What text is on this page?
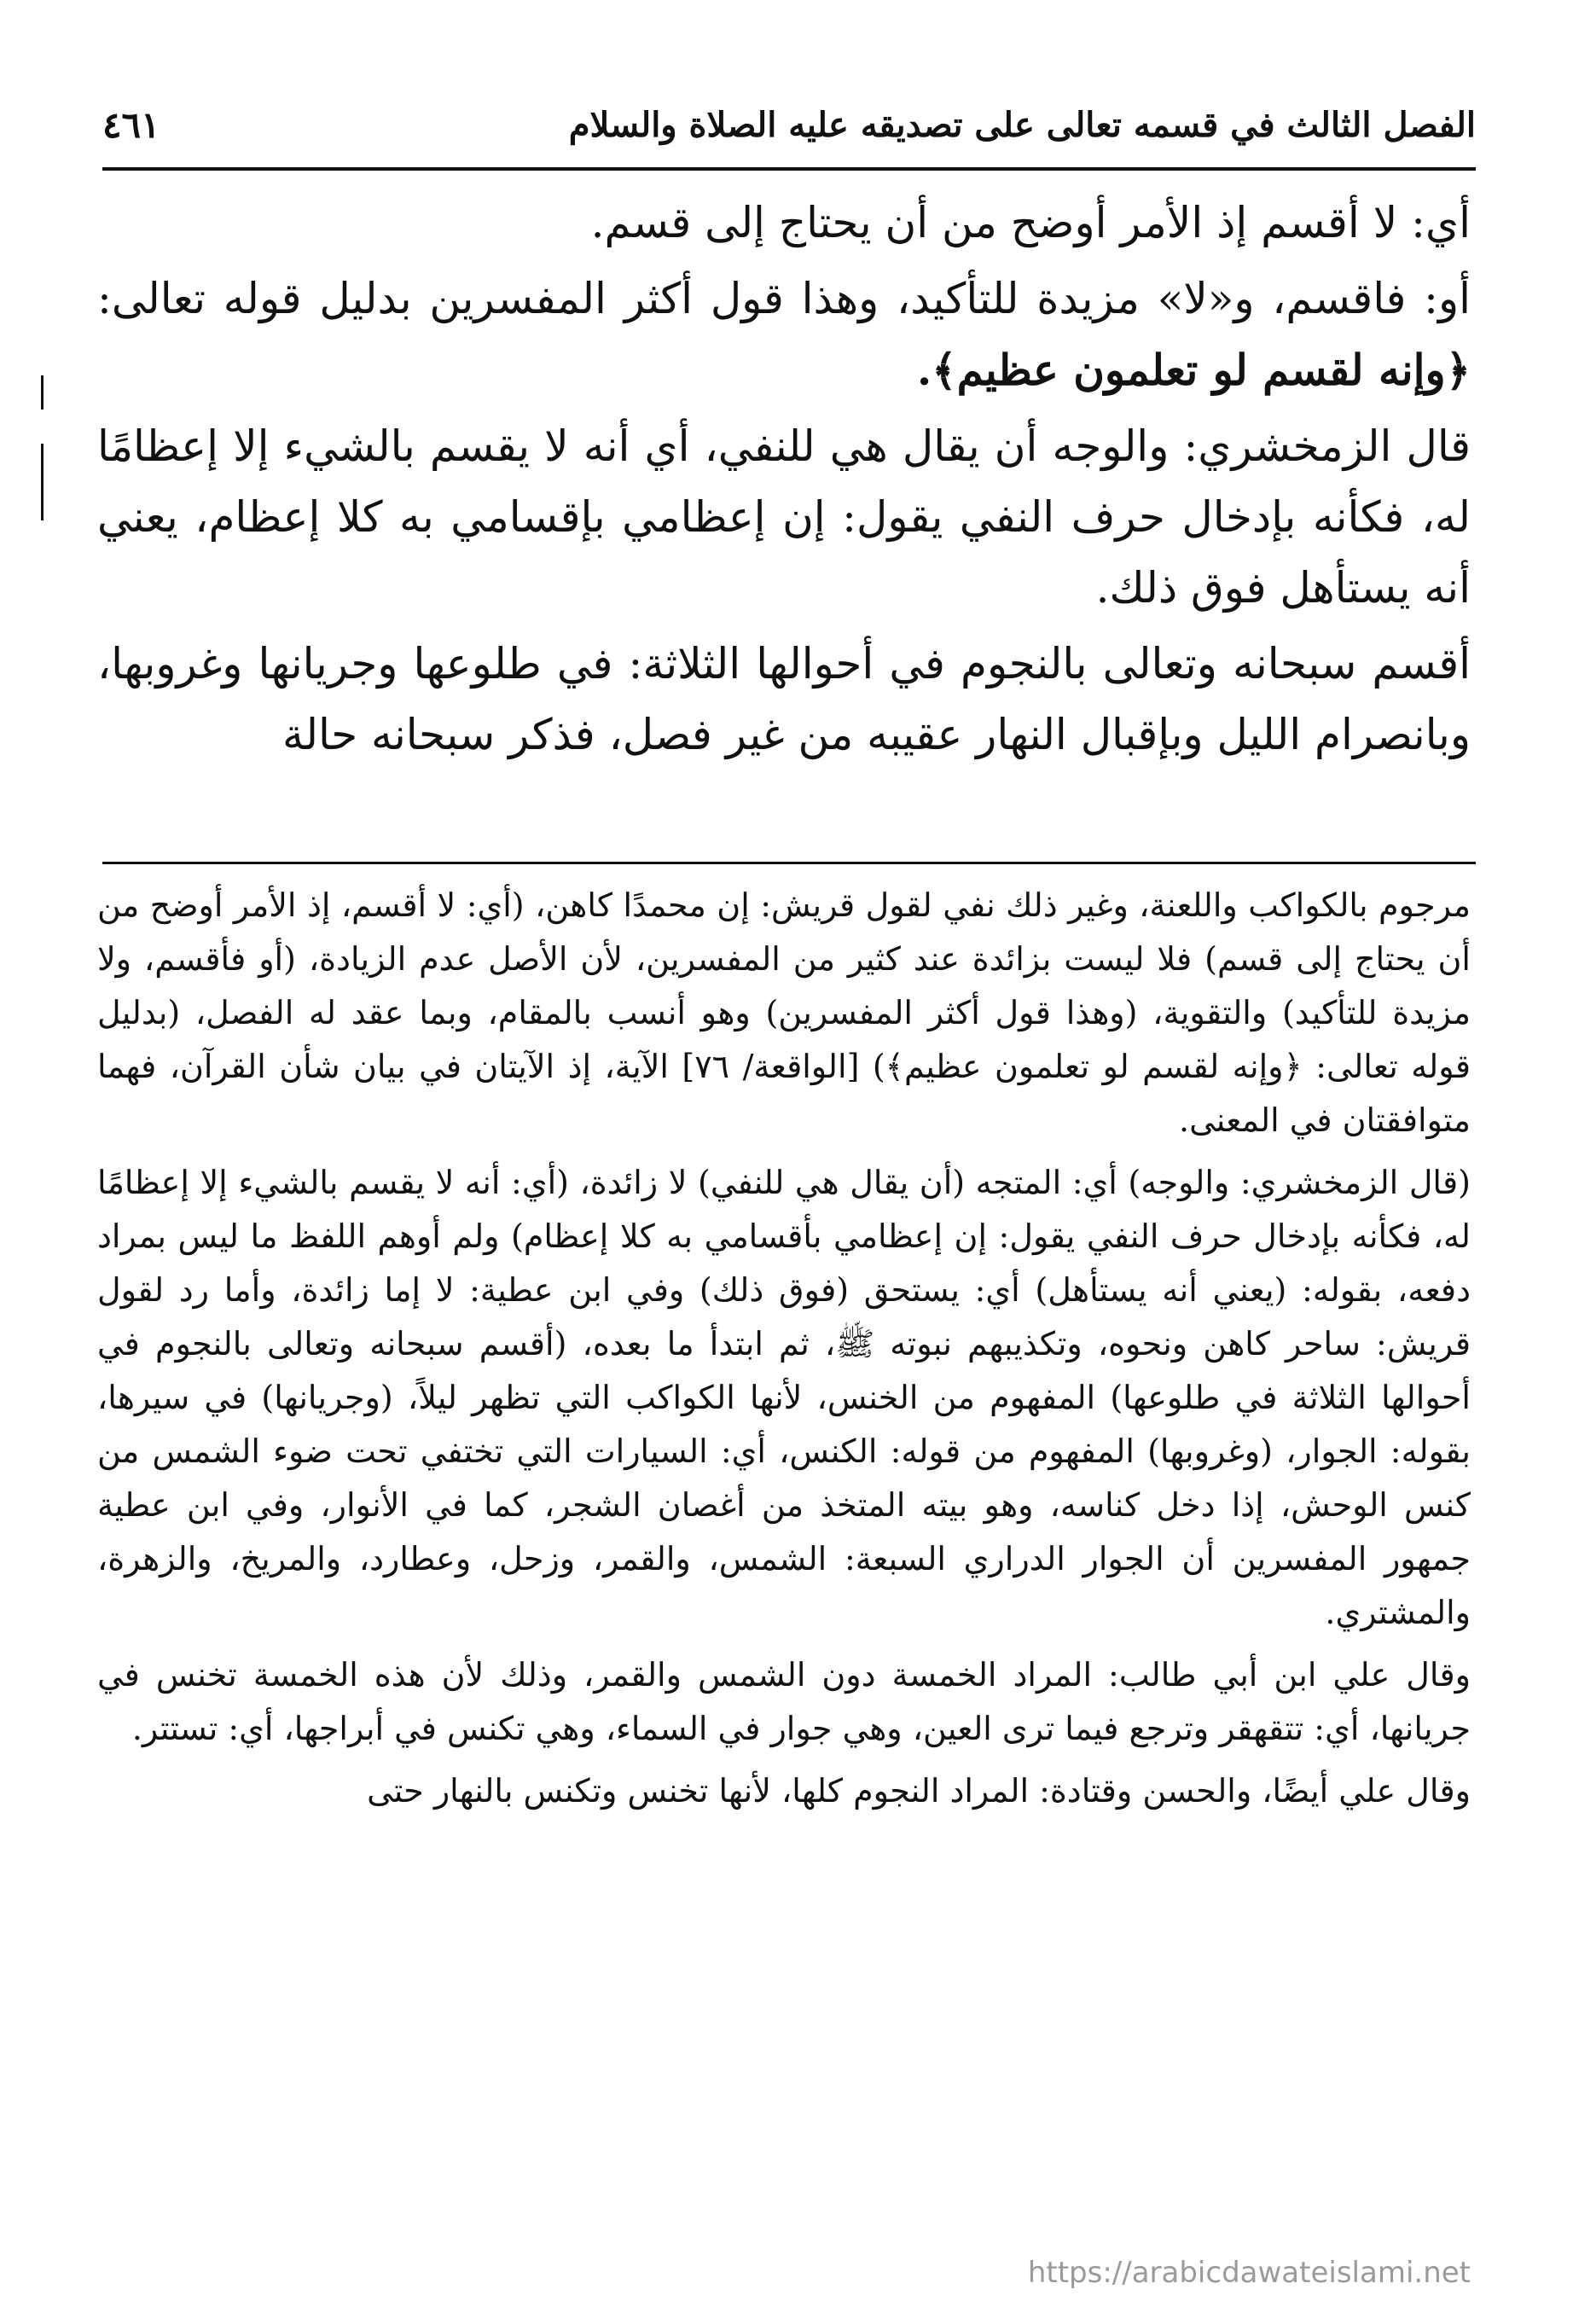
الفصل الثالث في قسمه تعالى على تصديقه عليه الصلاة والسلام
٤٦١

أي: لا أقسم إذ الأمر أوضح من أن يحتاج إلى قسم.

أو: فاقسم، و«لا» مزيدة للتأكيد، وهذا قول أكثر المفسرين بدليل قوله تعالى: ﴿وإنه لقسم لو تعلمون عظيم﴾.

قال الزمخشري: والوجه أن يقال هي للنفي، أي أنه لا يقسم بالشيء إلا إعظامًا له، فكأنه بإدخال حرف النفي يقول: إن إعظامي بإقسامي به كلا إعظام، يعني أنه يستأهل فوق ذلك.

أقسم سبحانه وتعالى بالنجوم في أحوالها الثلاثة: في طلوعها وجريانها وغروبها، وبانصرام الليل وبإقبال النهار عقيبه من غير فصل، فذكر سبحانه حالة

مرجوم بالكواكب واللعنة، وغير ذلك نفي لقول قريش: إن محمدًا كاهن، (أي: لا أقسم، إذ الأمر أوضح من أن يحتاج إلى قسم) فلا ليست بزائدة عند كثير من المفسرين، لأن الأصل عدم الزيادة، (أو فأقسم، ولا مزيدة للتأكيد) والتقوية، (وهذا قول أكثر المفسرين) وهو أنسب بالمقام، وبما عقد له الفصل، (بدليل قوله تعالى: ﴿وإنه لقسم لو تعلمون عظيم﴾) [الواقعة/ ٧٦] الآية، إذ الآيتان في بيان شأن القرآن، فهما متوافقتان في المعنى.

(قال الزمخشري: والوجه) أي: المتجه (أن يقال هي للنفي) لا زائدة، (أي: أنه لا يقسم بالشيء إلا إعظامًا له، فكأنه بإدخال حرف النفي يقول: إن إعظامي بأقسامي به كلا إعظام) ولم أوهم اللفظ ما ليس بمراد دفعه، بقوله: (يعني أنه يستأهل) أي: يستحق (فوق ذلك) وفي ابن عطية: لا إما زائدة، وأما رد لقول قريش: ساحر كاهن ونحوه، وتكذيبهم نبوته ﷺ، ثم ابتدأ ما بعده، (أقسم سبحانه وتعالى بالنجوم في أحوالها الثلاثة في طلوعها) المفهوم من الخنس، لأنها الكواكب التي تظهر ليلاً، (وجريانها) في سيرها، بقوله: الجوار، (وغروبها) المفهوم من قوله: الكنس، أي: السيارات التي تختفي تحت ضوء الشمس من كنس الوحش، إذا دخل كناسه، وهو بيته المتخذ من أغصان الشجر، كما في الأنوار، وفي ابن عطية جمهور المفسرين أن الجوار الدراري السبعة: الشمس، والقمر، وزحل، وعطارد، والمريخ، والزهرة، والمشتري.

وقال علي ابن أبي طالب: المراد الخمسة دون الشمس والقمر، وذلك لأن هذه الخمسة تخنس في جريانها، أي: تتقهقر وترجع فيما ترى العين، وهي جوار في السماء، وهي تكنس في أبراجها، أي: تستتر.

وقال علي أيضًا، والحسن وقتادة: المراد النجوم كلها، لأنها تخنس وتكنس بالنهار حتى

https://arabicdawateislami.net
